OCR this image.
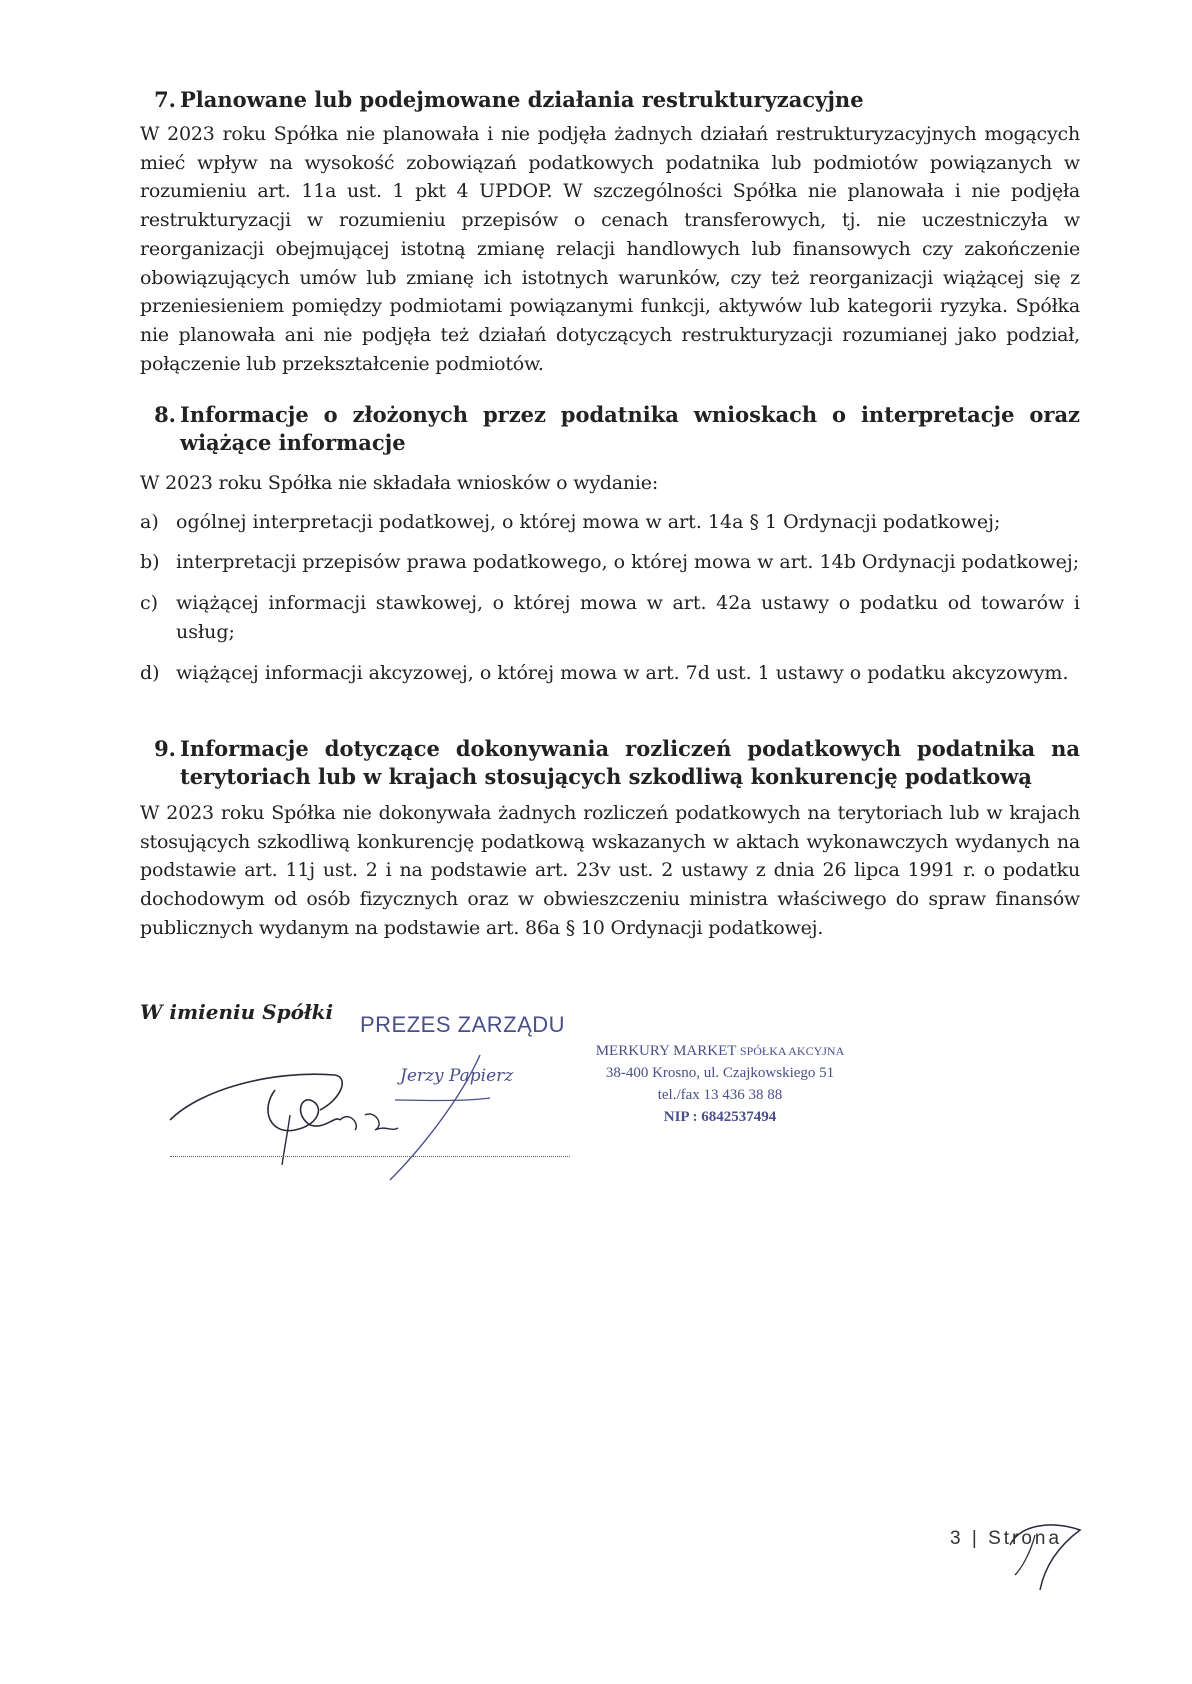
7. Planowane lub podejmowane działania restrukturyzacyjne

W 2023 roku Spółka nie planowała i nie podjęła żadnych działań restrukturyzacyjnych mogących mieć wpływ na wysokość zobowiązań podatkowych podatnika lub podmiotów powiązanych w rozumieniu art. 11a ust. 1 pkt 4 UPDOP. W szczególności Spółka nie planowała i nie podjęła restrukturyzacji w rozumieniu przepisów o cenach transferowych, tj. nie uczestniczyła w reorganizacji obejmującej istotną zmianę relacji handlowych lub finansowych czy zakończenie obowiązujących umów lub zmianę ich istotnych warunków, czy też reorganizacji wiążącej się z przeniesieniem pomiędzy podmiotami powiązanymi funkcji, aktywów lub kategorii ryzyka. Spółka nie planowała ani nie podjęła też działań dotyczących restrukturyzacji rozumianej jako podział, połączenie lub przekształcenie podmiotów.

8. Informacje o złożonych przez podatnika wnioskach o interpretacje oraz wiążące informacje

W 2023 roku Spółka nie składała wniosków o wydanie:

a) ogólnej interpretacji podatkowej, o której mowa w art. 14a § 1 Ordynacji podatkowej;
b) interpretacji przepisów prawa podatkowego, o której mowa w art. 14b Ordynacji podatkowej;
c) wiążącej informacji stawkowej, o której mowa w art. 42a ustawy o podatku od towarów i usług;
d) wiążącej informacji akcyzowej, o której mowa w art. 7d ust. 1 ustawy o podatku akcyzowym.
9. Informacje dotyczące dokonywania rozliczeń podatkowych podatnika na terytoriach lub w krajach stosujących szkodliwą konkurencję podatkową

W 2023 roku Spółka nie dokonywała żadnych rozliczeń podatkowych na terytoriach lub w krajach stosujących szkodliwą konkurencję podatkową wskazanych w aktach wykonawczych wydanych na podstawie art. 11j ust. 2 i na podstawie art. 23v ust. 2 ustawy z dnia 26 lipca 1991 r. o podatku dochodowym od osób fizycznych oraz w obwieszczeniu ministra właściwego do spraw finansów publicznych wydanym na podstawie art. 86a § 10 Ordynacji podatkowej.

W imieniu Spółki PREZES ZARZĄDU
Jerzy Papierz
MERKURY MARKET SPÓŁKA AKCYJNA
38-400 Krosno, ul. Czajkowskiego 51
tel./fax 13 436 38 88
NIP : 6842537494
3 | Strona
